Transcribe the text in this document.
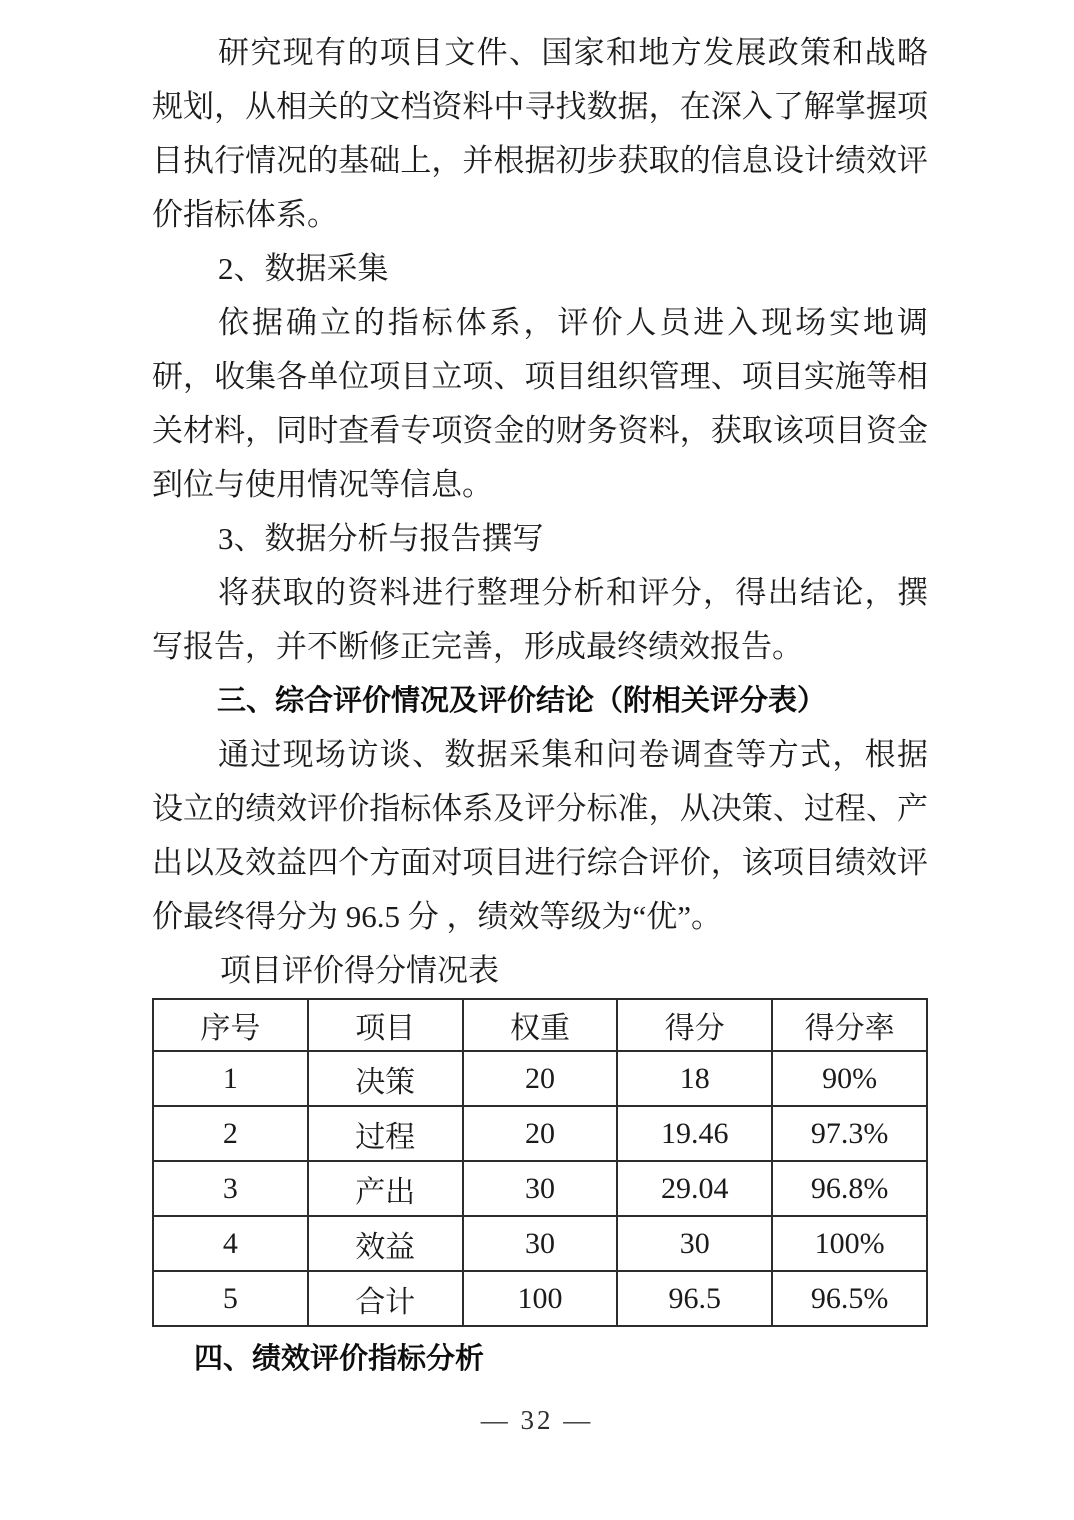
研究现有的项目文件、国家和地方发展政策和战略规划，从相关的文档资料中寻找数据，在深入了解掌握项目执行情况的基础上，并根据初步获取的信息设计绩效评价指标体系。

2、数据采集

依据确立的指标体系，评价人员进入现场实地调研，收集各单位项目立项、项目组织管理、项目实施等相关材料，同时查看专项资金的财务资料，获取该项目资金到位与使用情况等信息。

3、数据分析与报告撰写

将获取的资料进行整理分析和评分，得出结论，撰写报告，并不断修正完善，形成最终绩效报告。

三、综合评价情况及评价结论（附相关评分表）

通过现场访谈、数据采集和问卷调查等方式，根据设立的绩效评价指标体系及评分标准，从决策、过程、产出以及效益四个方面对项目进行综合评价，该项目绩效评价最终得分为 96.5 分 ，绩效等级为“优”。

项目评价得分情况表

序号	项目	权重	得分	得分率
1	决策	20	18	90%
2	过程	20	19.46	97.3%
3	产出	30	29.04	96.8%
4	效益	30	30	100%
5	合计	100	96.5	96.5%
四、绩效评价指标分析
— 32 —
